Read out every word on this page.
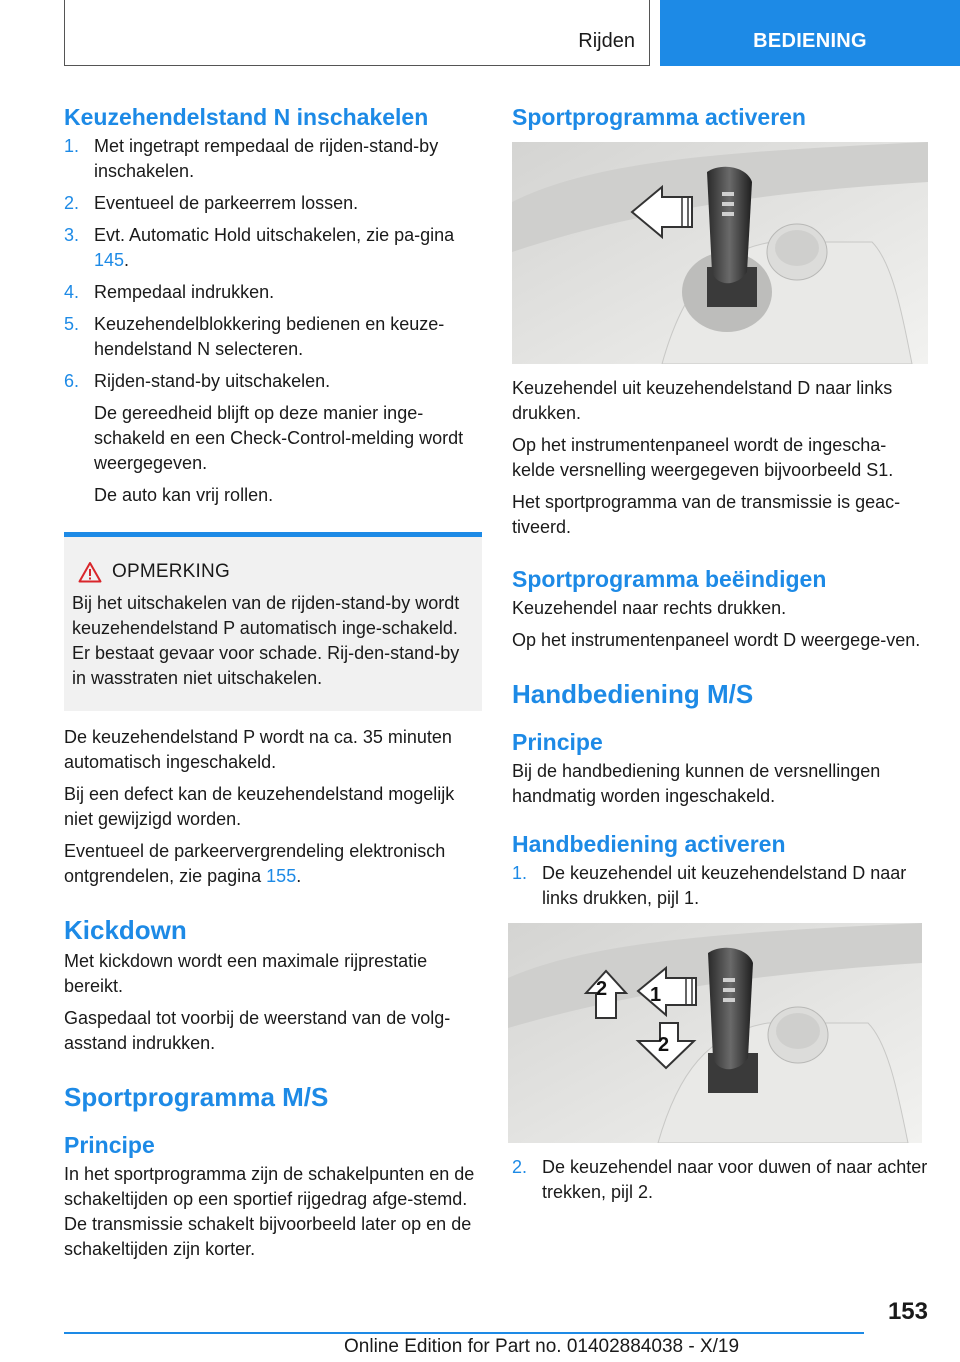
Rijden	BEDIENING
Keuzehendelstand N inschakelen
1. Met ingetrapt rempedaal de rijden-stand-by inschakelen.
2. Eventueel de parkeerrem lossen.
3. Evt. Automatic Hold uitschakelen, zie pa-gina 145.
4. Rempedaal indrukken.
5. Keuzehendelblokkering bedienen en keuze-hendelstand N selecteren.
6. Rijden-stand-by uitschakelen.
De gereedheid blijft op deze manier inge-schakeld en een Check-Control-melding wordt weergegeven.
De auto kan vrij rollen.
OPMERKING

Bij het uitschakelen van de rijden-stand-by wordt keuzehendelstand P automatisch inge-schakeld. Er bestaat gevaar voor schade. Rij-den-stand-by in wasstraten niet uitschakelen.

De keuzehendelstand P wordt na ca. 35 minuten automatisch ingeschakeld.

Bij een defect kan de keuzehendelstand mogelijk niet gewijzigd worden.

Eventueel de parkeervergrendeling elektronisch ontgrendelen, zie pagina 155.

Kickdown

Met kickdown wordt een maximale rijprestatie bereikt.

Gaspedaal tot voorbij de weerstand van de volg-asstand indrukken.

Sportprogramma M/S
Principe

In het sportprogramma zijn de schakelpunten en de schakeltijden op een sportief rijgedrag afge-stemd. De transmissie schakelt bijvoorbeeld later op en de schakeltijden zijn korter.

Sportprogramma activeren

Keuzehendel uit keuzehendelstand D naar links drukken.

Op het instrumentenpaneel wordt de ingescha-kelde versnelling weergegeven bijvoorbeeld S1.

Het sportprogramma van de transmissie is geac-tiveerd.

Sportprogramma beëindigen

Keuzehendel naar rechts drukken.

Op het instrumentenpaneel wordt D weergege-ven.

Handbediening M/S
Principe

Bij de handbediening kunnen de versnellingen handmatig worden ingeschakeld.

Handbediening activeren
1. De keuzehendel uit keuzehendelstand D naar links drukken, pijl 1.
1
2
2
2. De keuzehendel naar voor duwen of naar achter trekken, pijl 2.
153
Online Edition for Part no. 01402884038 - X/19
